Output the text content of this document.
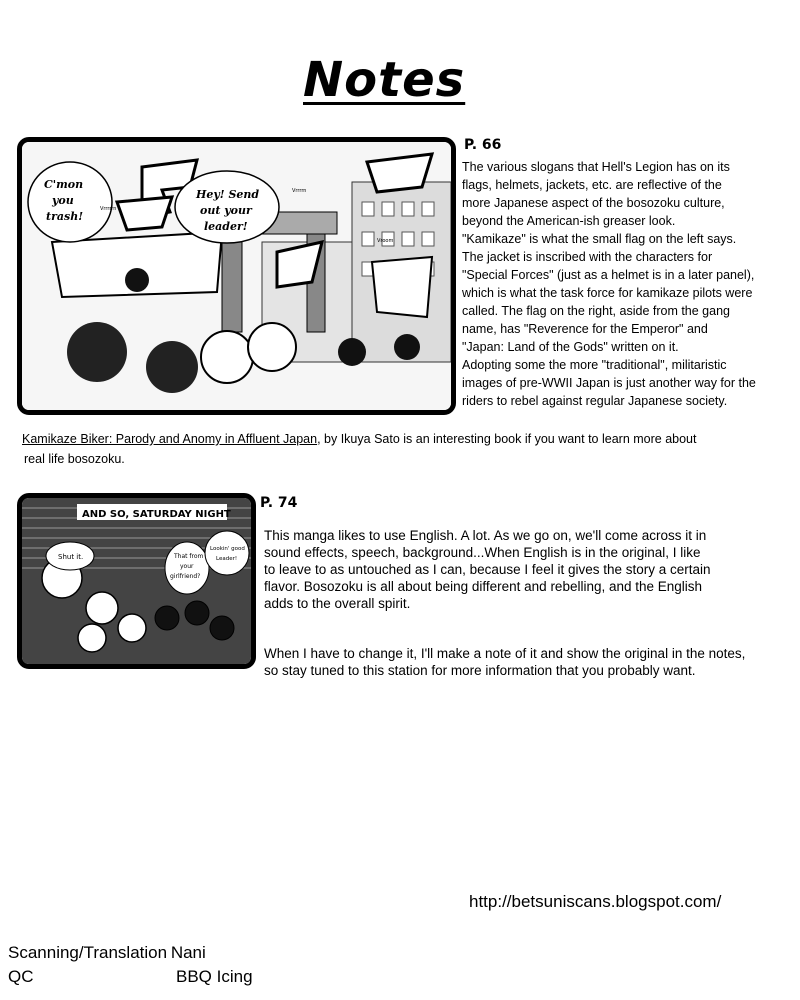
Notes
C'mon
you
trash!
Hey! Send
out your
leader!
Vrrrrrn
Vrrrrn
Vroom
P. 66
The various slogans that Hell's Legion has on its
flags, helmets, jackets, etc. are reflective of the
more Japanese aspect of the bosozoku culture,
beyond the American-ish greaser look.
"Kamikaze" is what the small flag on the left says.
The jacket is inscribed with the characters for
"Special Forces" (just as a helmet is in a later panel),
which is what the task force for kamikaze pilots were
called. The flag on the right, aside from the gang
name, has "Reverence for the Emperor" and
"Japan: Land of the Gods" written on it.
Adopting some the more "traditional", militaristic
images of pre-WWII Japan is just another way for the
riders to rebel against regular Japanese society.
Kamikaze Biker: Parody and Anomy in Affluent Japan, by Ikuya Sato is an interesting book if you want to learn more about
real life bosozoku.
AND SO, SATURDAY NIGHT
Shut it.	That from
your
girlfriend?
Lookin' good
Leader!
P. 74
This manga likes to use English. A lot. As we go on, we'll come across it in
sound effects, speech, background...When English is in the original, I like
to leave to as untouched as I can, because I feel it gives the story a certain
flavor. Bosozoku is all about being different and rebelling, and the English
adds to the overall spirit.
When I have to change it, I'll make a note of it and show the original in the notes,
so stay tuned to this station for more information that you probably want.
http://betsuniscans.blogspot.com/
Scanning/Translation Nani
QC	BBQ Icing
